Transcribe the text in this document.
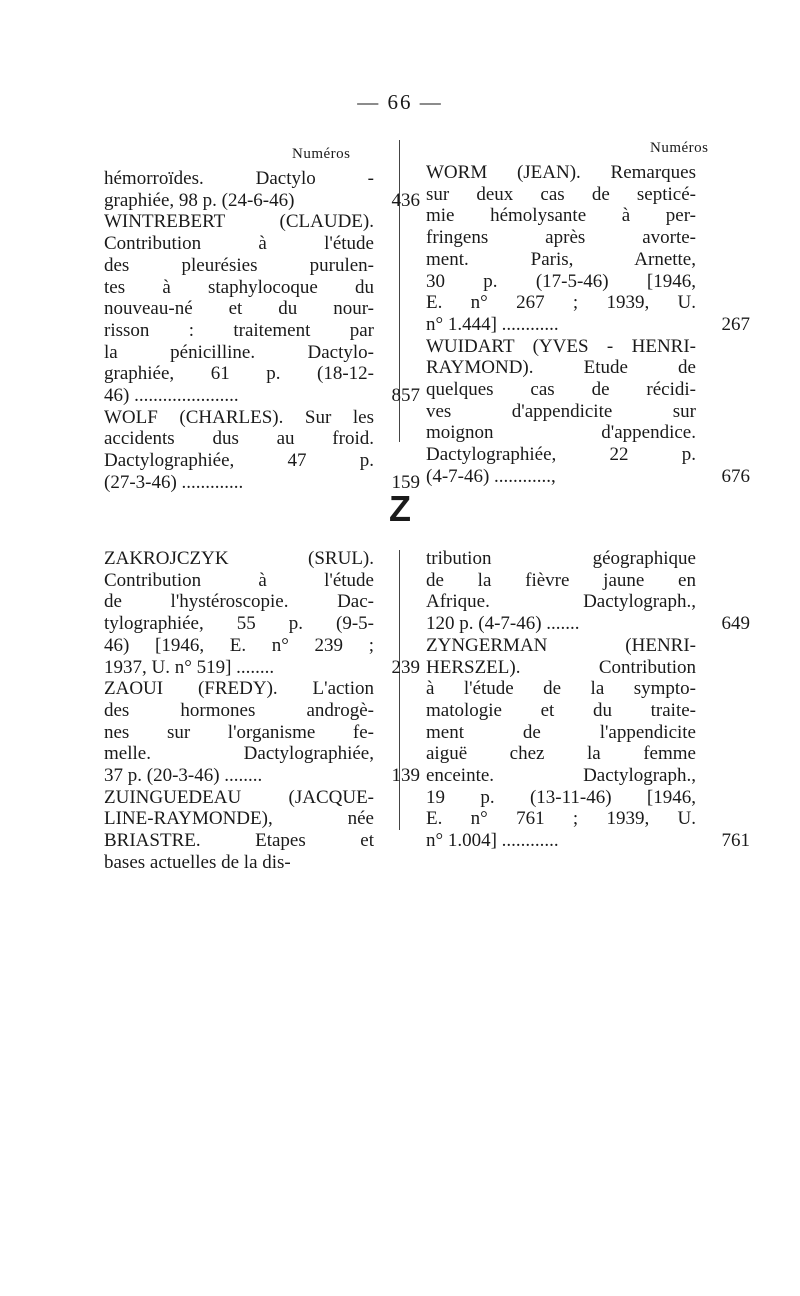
— 66 —
Numéros	Numéros
hémorroïdes. Dactylo -
graphiée, 98 p. (24-6-46)	436
WINTREBERT (CLAUDE).
Contribution à l'étude
des pleurésies purulen-
tes à staphylocoque du
nouveau-né et du nour-
risson : traitement par
la pénicilline. Dactylo-
graphiée, 61 p. (18-12-
46) ......................	857
WOLF (CHARLES). Sur les
accidents dus au froid.
Dactylographiée, 47 p.
(27-3-46) .............	159
WORM (JEAN). Remarques
sur deux cas de septicé-
mie hémolysante à per-
fringens après avorte-
ment. Paris, Arnette,
30 p. (17-5-46) [1946,
E. n° 267 ; 1939, U.
n° 1.444] ............	267
WUIDART (YVES - HENRI-
RAYMOND). Etude de
quelques cas de récidi-
ves d'appendicite sur
moignon d'appendice.
Dactylographiée, 22 p.
(4-7-46) ............,	676
Z
ZAKROJCZYK (SRUL).
Contribution à l'étude
de l'hystéroscopie. Dac-
tylographiée, 55 p. (9-5-
46) [1946, E. n° 239 ;
1937, U. n° 519] ........	239
ZAOUI (FREDY). L'action
des hormones androgè-
nes sur l'organisme fe-
melle. Dactylographiée,
37 p. (20-3-46) ........	139
ZUINGUEDEAU (JACQUE-
LINE-RAYMONDE), née
BRIASTRE. Etapes et
bases actuelles de la dis-
tribution géographique
de la fièvre jaune en
Afrique. Dactylograph.,
120 p. (4-7-46) .......	649
ZYNGERMAN (HENRI-
HERSZEL). Contribution
à l'étude de la sympto-
matologie et du traite-
ment de l'appendicite
aiguë chez la femme
enceinte. Dactylograph.,
19 p. (13-11-46) [1946,
E. n° 761 ; 1939, U.
n° 1.004] ............	761
